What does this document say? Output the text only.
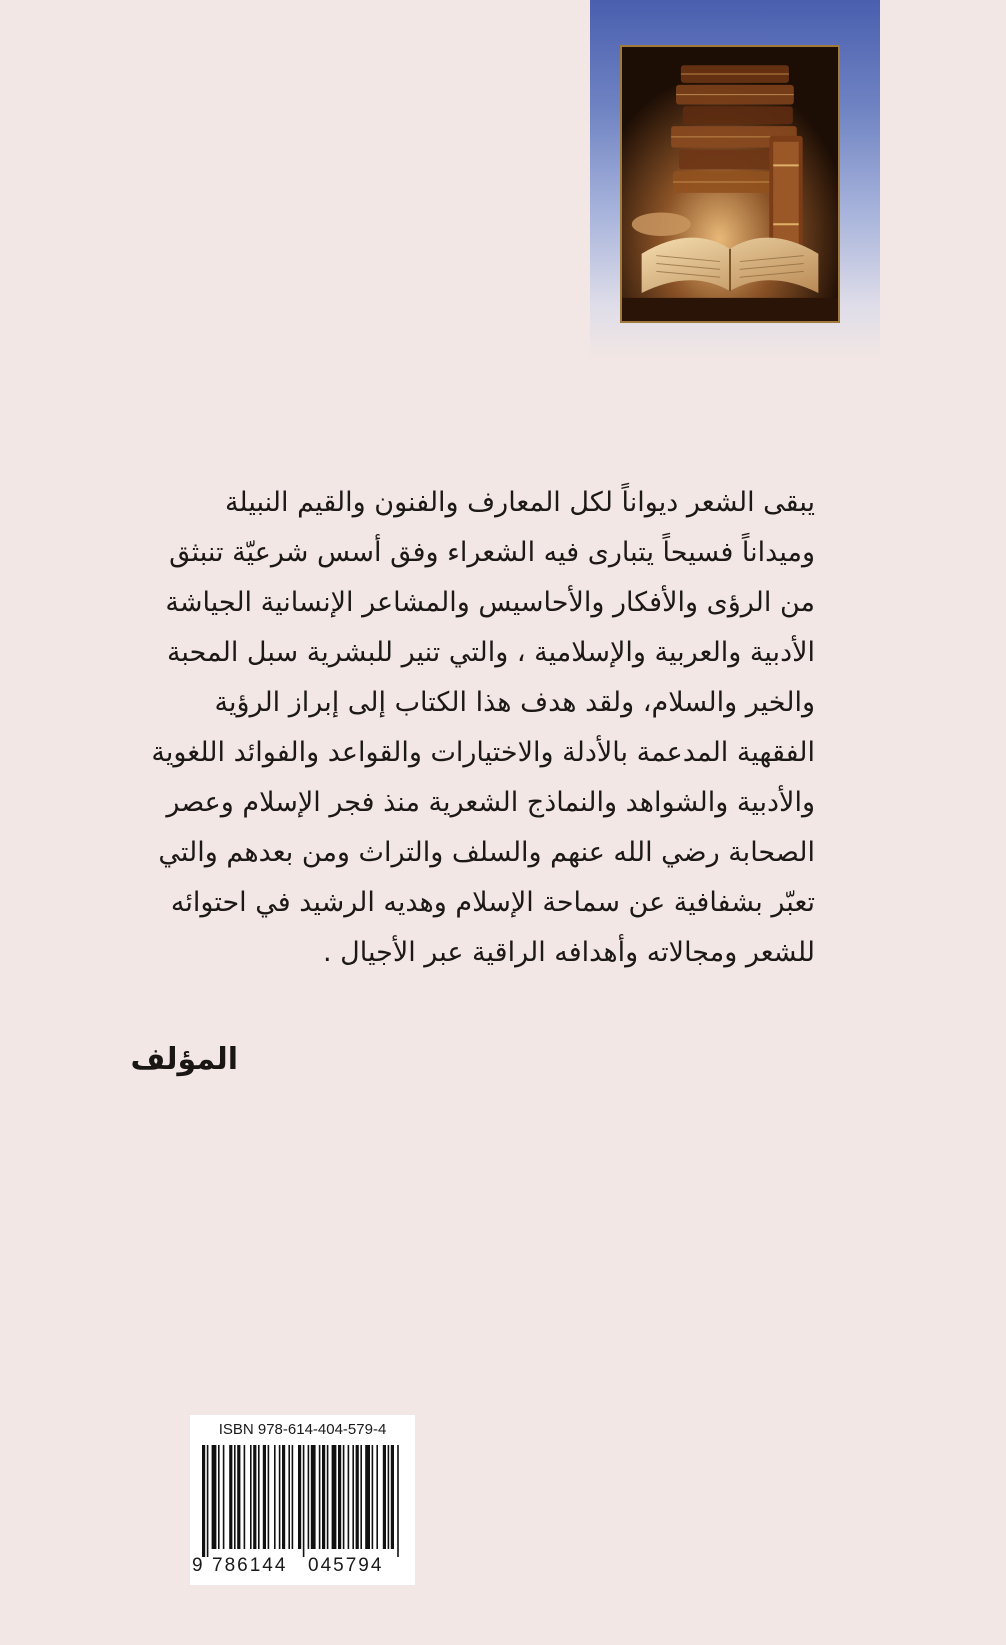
يبقى الشعر ديواناً لكل المعارف والفنون والقيم النبيلة
وميداناً فسيحاً يتبارى فيه الشعراء وفق أسس شرعيّة تنبثق
من الرؤى والأفكار والأحاسيس والمشاعر الإنسانية الجياشة
الأدبية والعربية والإسلامية ، والتي تنير للبشرية سبل المحبة
والخير والسلام، ولقد هدف هذا الكتاب إلى إبراز الرؤية
الفقهية المدعمة بالأدلة والاختيارات والقواعد والفوائد اللغوية
والأدبية والشواهد والنماذج الشعرية منذ فجر الإسلام وعصر
الصحابة رضي الله عنهم والسلف والتراث ومن بعدهم والتي
تعبّر بشفافية عن سماحة الإسلام وهديه الرشيد في احتوائه
للشعر ومجالاته وأهدافه الراقية عبر الأجيال .
المؤلف
ISBN 978-614-404-579-4
9 786144 045794
